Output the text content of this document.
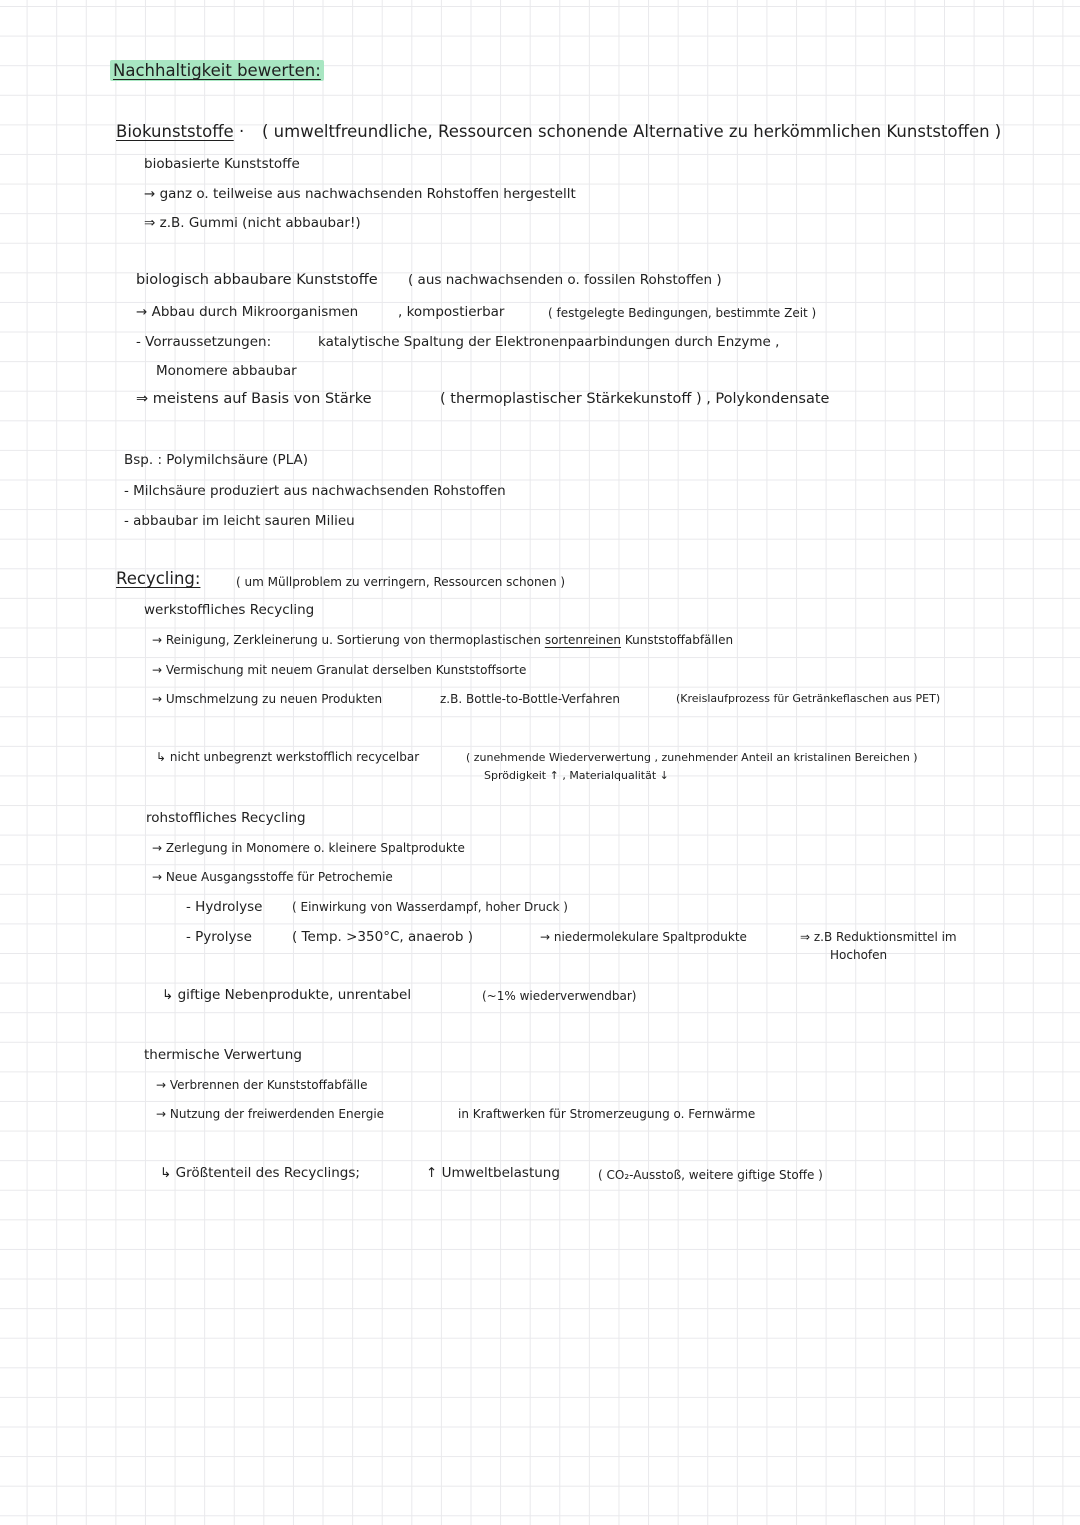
Nachhaltigkeit bewerten:
Biokunststoffe · ( umweltfreundliche, Ressourcen schonende Alternative zu herkömmlichen Kunststoffen )
biobasierte Kunststoffe
→ ganz o. teilweise aus nachwachsenden Rohstoffen hergestellt
⇒ z.B. Gummi (nicht abbaubar!)
biologisch abbaubare Kunststoffe ( aus nachwachsenden o. fossilen Rohstoffen )
→ Abbau durch Mikroorganismen	, kompostierbar	( festgelegte Bedingungen, bestimmte Zeit )
- Vorraussetzungen:	katalytische Spaltung der Elektronenpaarbindungen durch Enzyme ,
Monomere abbaubar
⇒ meistens auf Basis von Stärke	( thermoplastischer Stärkekunstoff ) , Polykondensate
Bsp. : Polymilchsäure (PLA)
- Milchsäure produziert aus nachwachsenden Rohstoffen
- abbaubar im leicht sauren Milieu
Recycling:	( um Müllproblem zu verringern, Ressourcen schonen )
werkstoffliches Recycling
→ Reinigung, Zerkleinerung u. Sortierung von thermoplastischen sortenreinen Kunststoffabfällen
→ Vermischung mit neuem Granulat derselben Kunststoffsorte
→ Umschmelzung zu neuen Produkten	z.B. Bottle-to-Bottle-Verfahren	(Kreislaufprozess für Getränkeflaschen aus PET)
↳ nicht unbegrenzt werkstofflich recycelbar	( zunehmende Wiederverwertung , zunehmender Anteil an kristalinen Bereichen )
Sprödigkeit ↑ , Materialqualität ↓
rohstoffliches Recycling
→ Zerlegung in Monomere o. kleinere Spaltprodukte
→ Neue Ausgangsstoffe für Petrochemie
- Hydrolyse ( Einwirkung von Wasserdampf, hoher Druck )
- Pyrolyse	( Temp. >350°C, anaerob )	→ niedermolekulare Spaltprodukte	⇒ z.B Reduktionsmittel im
Hochofen
↳ giftige Nebenprodukte, unrentabel	(~1% wiederverwendbar)
thermische Verwertung
→ Verbrennen der Kunststoffabfälle
→ Nutzung der freiwerdenden Energie	in Kraftwerken für Stromerzeugung o. Fernwärme
↳ Größtenteil des Recyclings;	↑ Umweltbelastung	( CO₂-Ausstoß, weitere giftige Stoffe )
